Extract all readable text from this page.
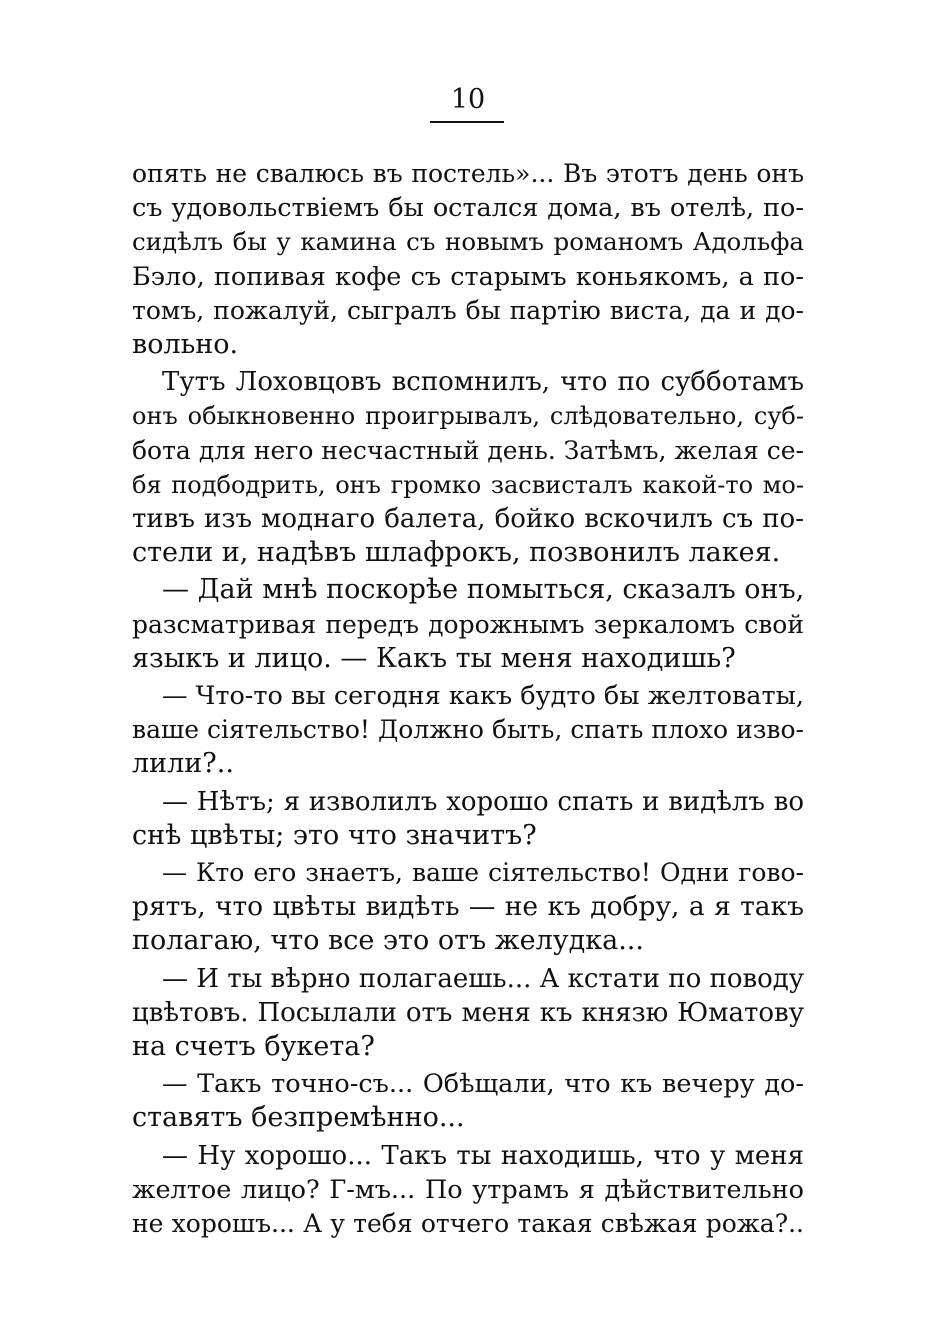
10
опять не свалюсь въ постель»... Въ этотъ день онъ
съ удовольствіемъ бы остался дома, въ отелѣ, по-
сидѣлъ бы у камина съ новымъ романомъ Адольфа
Бэло, попивая кофе съ старымъ коньякомъ, а по-
томъ, пожалуй, сыгралъ бы партію виста, да и до-
вольно.
Тутъ Лоховцовъ вспомнилъ, что по субботамъ
онъ обыкновенно проигрывалъ, слѣдовательно, суб-
бота для него несчастный день. Затѣмъ, желая се-
бя подбодрить, онъ громко засвисталъ какой-то мо-
тивъ изъ моднаго балета, бойко вскочилъ съ по-
стели и, надѣвъ шлафрокъ, позвонилъ лакея.
— Дай мнѣ поскорѣе помыться, сказалъ онъ,
разсматривая передъ дорожнымъ зеркаломъ свой
языкъ и лицо. — Какъ ты меня находишь?
— Что-то вы сегодня какъ будто бы желтоваты,
ваше сіятельство! Должно быть, спать плохо изво-
лили?..
— Нѣтъ; я изволилъ хорошо спать и видѣлъ во
снѣ цвѣты; это что значитъ?
— Кто его знаетъ, ваше сіятельство! Одни гово-
рятъ, что цвѣты видѣть — не къ добру, а я такъ
полагаю, что все это отъ желудка...
— И ты вѣрно полагаешь... А кстати по поводу
цвѣтовъ. Посылали отъ меня къ князю Юматову
на счетъ букета?
— Такъ точно-съ... Обѣщали, что къ вечеру до-
ставятъ безпремѣнно...
— Ну хорошо... Такъ ты находишь, что у меня
желтое лицо? Г-мъ... По утрамъ я дѣйствительно
не хорошъ... А у тебя отчего такая свѣжая рожа?..
